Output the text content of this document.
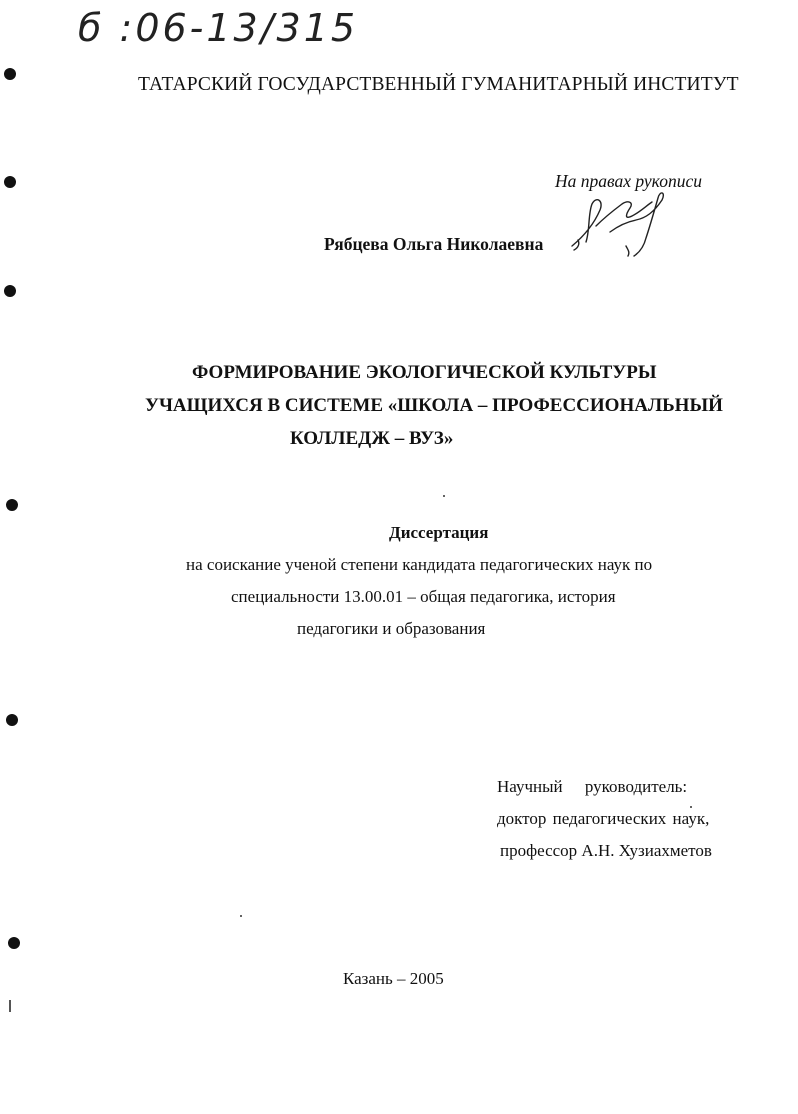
б :06-13/315
ТАТАРСКИЙ ГОСУДАРСТВЕННЫЙ ГУМАНИТАРНЫЙ ИНСТИТУТ
На правах рукописи
Рябцева Ольга Николаевна
ФОРМИРОВАНИЕ ЭКОЛОГИЧЕСКОЙ КУЛЬТУРЫ
УЧАЩИХСЯ В СИСТЕМЕ «ШКОЛА – ПРОФЕССИОНАЛЬНЫЙ
КОЛЛЕДЖ – ВУЗ»
Диссертация
на соискание ученой степени кандидата педагогических наук по
специальности 13.00.01 – общая педагогика, история
педагогики и образования
Научный руководитель:
доктор педагогических наук,
профессор А.Н. Хузиахметов
Казань – 2005
